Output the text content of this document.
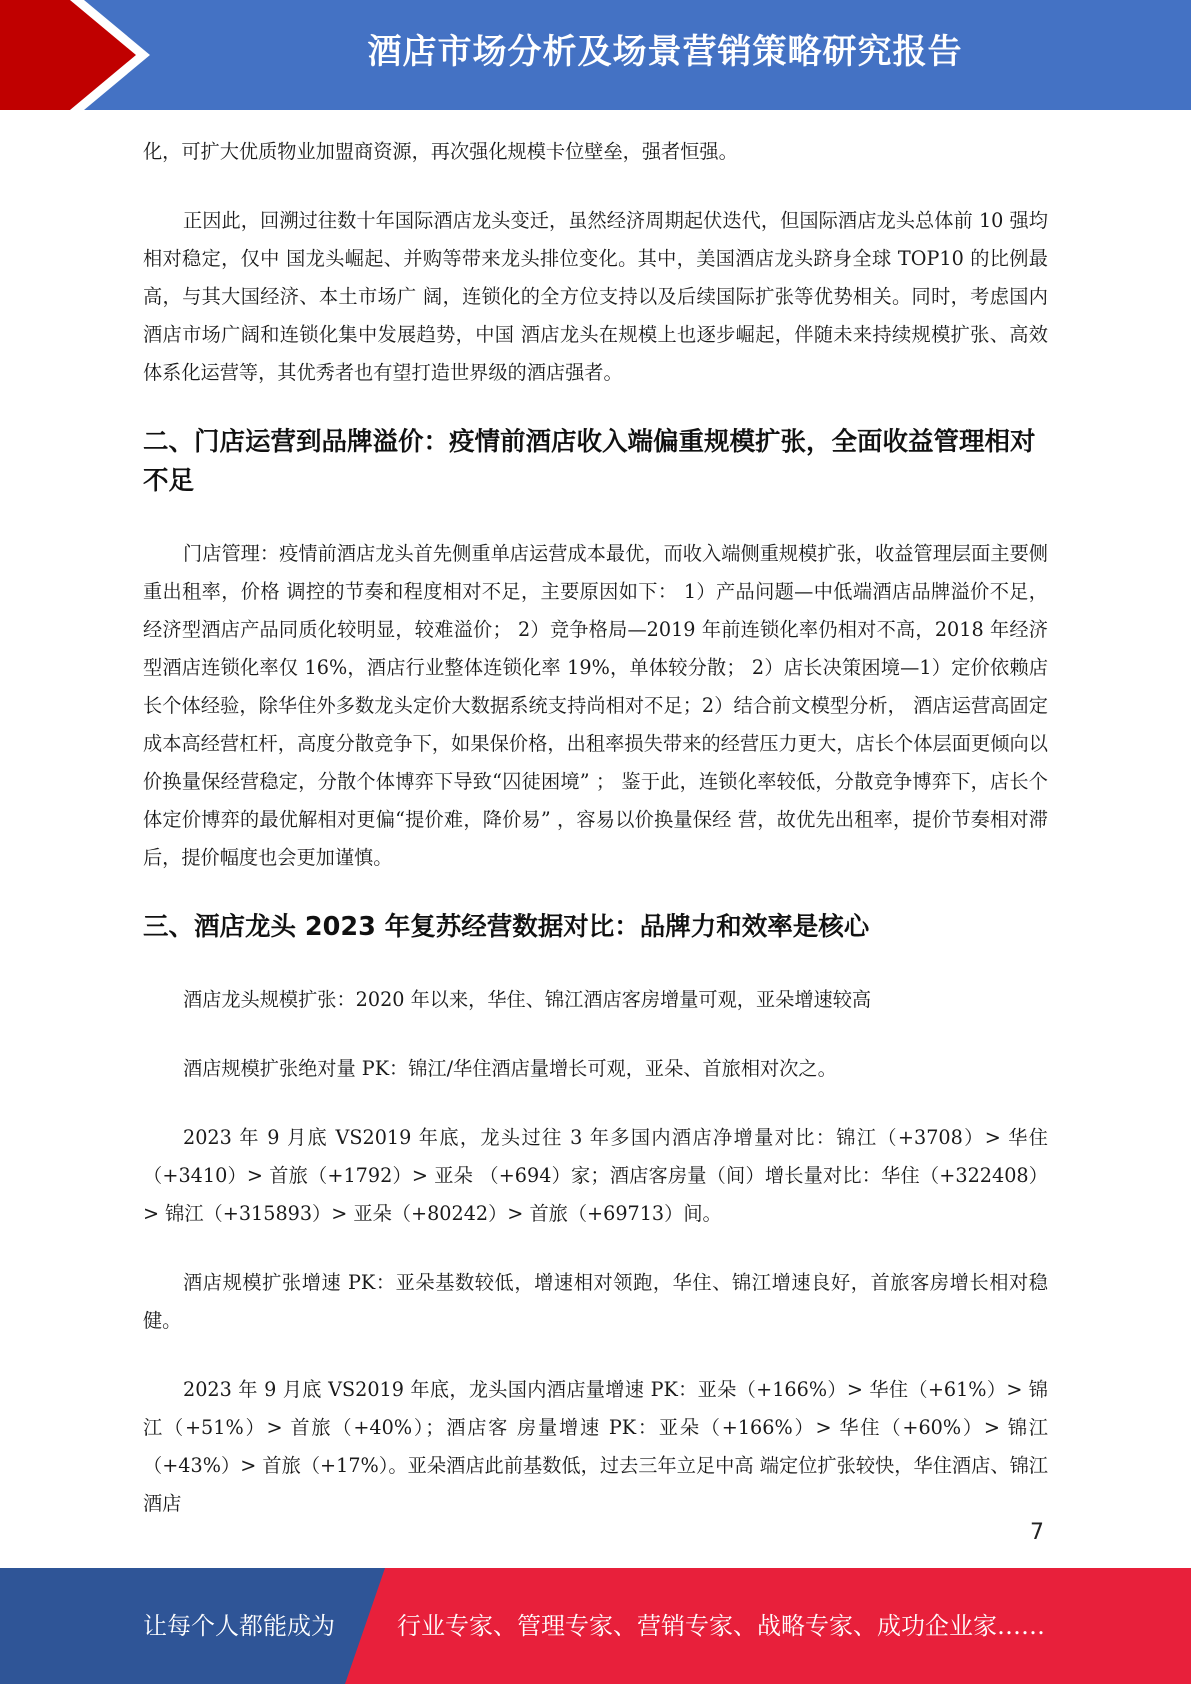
酒店市场分析及场景营销策略研究报告

化，可扩大优质物业加盟商资源，再次强化规模卡位壁垒，强者恒强。

正因此，回溯过往数十年国际酒店龙头变迁，虽然经济周期起伏迭代，但国际酒店龙头总体前 10 强均相对稳定，仅中 国龙头崛起、并购等带来龙头排位变化。其中，美国酒店龙头跻身全球 TOP10 的比例最高，与其大国经济、本土市场广 阔，连锁化的全方位支持以及后续国际扩张等优势相关。同时，考虑国内酒店市场广阔和连锁化集中发展趋势，中国 酒店龙头在规模上也逐步崛起，伴随未来持续规模扩张、高效体系化运营等，其优秀者也有望打造世界级的酒店强者。

二、门店运营到品牌溢价：疫情前酒店收入端偏重规模扩张，全面收益管理相对不足

门店管理：疫情前酒店龙头首先侧重单店运营成本最优，而收入端侧重规模扩张，收益管理层面主要侧重出租率，价格 调控的节奏和程度相对不足，主要原因如下： 1）产品问题—中低端酒店品牌溢价不足，经济型酒店产品同质化较明显，较难溢价； 2）竞争格局—2019 年前连锁化率仍相对不高，2018 年经济型酒店连锁化率仅 16%，酒店行业整体连锁化率 19%，单体较分散； 2）店长决策困境—1）定价依赖店长个体经验，除华住外多数龙头定价大数据系统支持尚相对不足；2）结合前文模型分析， 酒店运营高固定成本高经营杠杆，高度分散竞争下，如果保价格，出租率损失带来的经营压力更大，店长个体层面更倾向以 价换量保经营稳定，分散个体博弈下导致“囚徒困境” ； 鉴于此，连锁化率较低，分散竞争博弈下，店长个体定价博弈的最优解相对更偏“提价难，降价易” ，容易以价换量保经 营，故优先出租率，提价节奏相对滞后，提价幅度也会更加谨慎。

三、酒店龙头 2023 年复苏经营数据对比：品牌力和效率是核心

酒店龙头规模扩张：2020 年以来，华住、锦江酒店客房增量可观，亚朵增速较高

酒店规模扩张绝对量 PK：锦江/华住酒店量增长可观，亚朵、首旅相对次之。

2023 年 9 月底 VS2019 年底，龙头过往 3 年多国内酒店净增量对比：锦江（+3708）> 华住（+3410）> 首旅（+1792）> 亚朵 （+694）家；酒店客房量（间）增长量对比：华住（+322408）> 锦江（+315893）> 亚朵（+80242）> 首旅（+69713）间。

酒店规模扩张增速 PK：亚朵基数较低，增速相对领跑，华住、锦江增速良好，首旅客房增长相对稳健。

2023 年 9 月底 VS2019 年底，龙头国内酒店量增速 PK：亚朵（+166%）> 华住（+61%）> 锦江（+51%）> 首旅（+40%）；酒店客 房量增速 PK：亚朵（+166%）> 华住（+60%）> 锦江（+43%）> 首旅（+17%）。亚朵酒店此前基数低，过去三年立足中高 端定位扩张较快，华住酒店、锦江酒店

7
让每个人都能成为	行业专家、管理专家、营销专家、战略专家、成功企业家……
